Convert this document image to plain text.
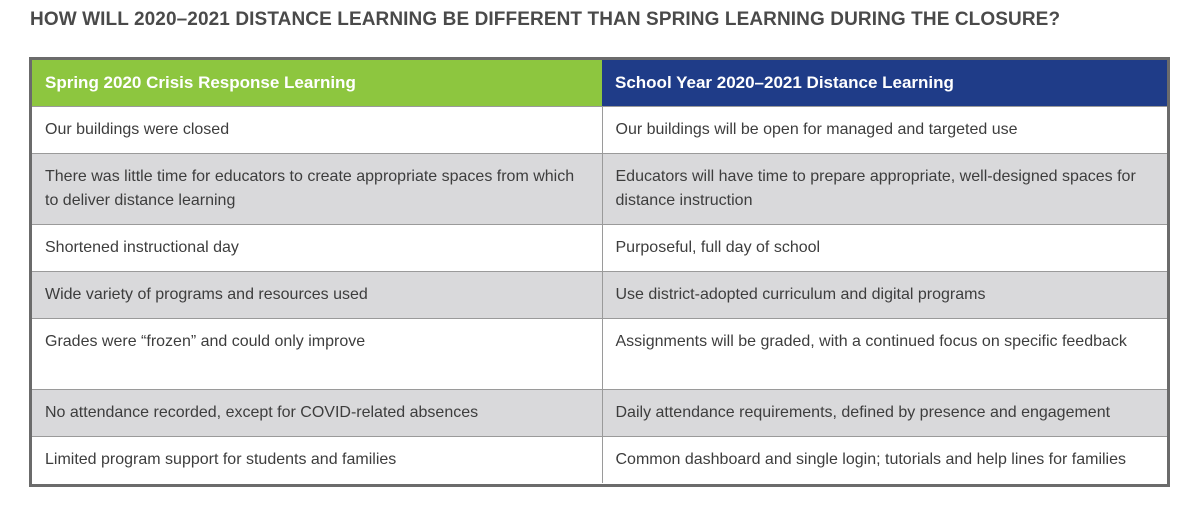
HOW WILL 2020–2021 DISTANCE LEARNING BE DIFFERENT THAN SPRING LEARNING DURING THE CLOSURE?
Spring 2020 Crisis Response Learning	School Year 2020–2021 Distance Learning
Our buildings were closed	Our buildings will be open for managed and targeted use
There was little time for educators to create appropriate spaces from which to deliver distance learning	Educators will have time to prepare appropriate, well-designed spaces for distance instruction
Shortened instructional day	Purposeful, full day of school
Wide variety of programs and resources used	Use district-adopted curriculum and digital programs
Grades were “frozen” and could only improve	Assignments will be graded, with a continued focus on specific feedback
No attendance recorded, except for COVID-related absences	Daily attendance requirements, defined by presence and engagement
Limited program support for students and families	Common dashboard and single login; tutorials and help lines for families
